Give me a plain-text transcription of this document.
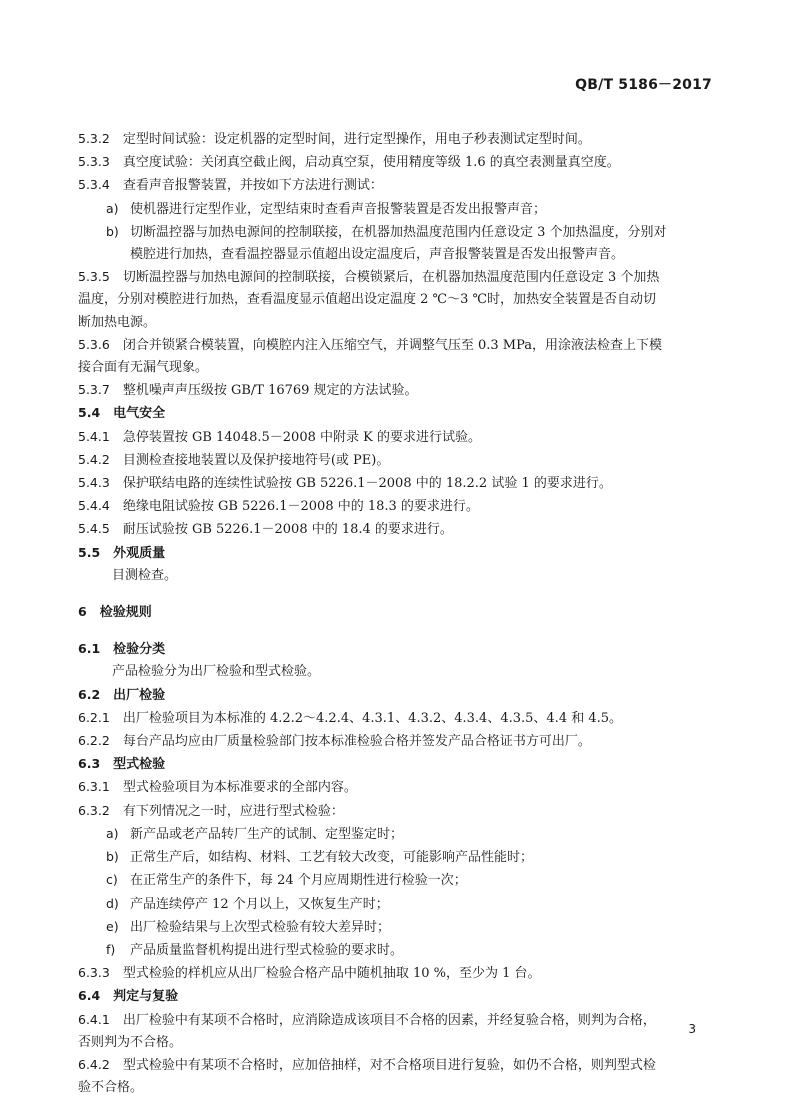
QB/T 5186－2017
5.3.2  定型时间试验：设定机器的定型时间，进行定型操作，用电子秒表测试定型时间。
5.3.3  真空度试验：关闭真空截止阀，启动真空泵，使用精度等级 1.6 的真空表测量真空度。
5.3.4  查看声音报警装置，并按如下方法进行测试：
a) 使机器进行定型作业，定型结束时查看声音报警装置是否发出报警声音；
b) 切断温控器与加热电源间的控制联接，在机器加热温度范围内任意设定 3 个加热温度，分别对
模腔进行加热，查看温控器显示值超出设定温度后，声音报警装置是否发出报警声音。
5.3.5  切断温控器与加热电源间的控制联接，合模锁紧后，在机器加热温度范围内任意设定 3 个加热
温度，分别对模腔进行加热，查看温度显示值超出设定温度 2 ℃～3 ℃时，加热安全装置是否自动切
断加热电源。
5.3.6  闭合并锁紧合模装置，向模腔内注入压缩空气，并调整气压至 0.3 MPa，用涂液法检查上下模
接合面有无漏气现象。
5.3.7  整机噪声声压级按 GB/T 16769 规定的方法试验。
5.4  电气安全
5.4.1  急停装置按 GB 14048.5－2008 中附录 K 的要求进行试验。
5.4.2  目测检查接地装置以及保护接地符号(或 PE)。
5.4.3  保护联结电路的连续性试验按 GB 5226.1－2008 中的 18.2.2 试验 1 的要求进行。
5.4.4  绝缘电阻试验按 GB 5226.1－2008 中的 18.3 的要求进行。
5.4.5  耐压试验按 GB 5226.1－2008 中的 18.4 的要求进行。
5.5  外观质量
目测检查。
6  检验规则
6.1  检验分类
产品检验分为出厂检验和型式检验。
6.2  出厂检验
6.2.1  出厂检验项目为本标准的 4.2.2～4.2.4、4.3.1、4.3.2、4.3.4、4.3.5、4.4 和 4.5。
6.2.2  每台产品均应由厂质量检验部门按本标准检验合格并签发产品合格证书方可出厂。
6.3  型式检验
6.3.1  型式检验项目为本标准要求的全部内容。
6.3.2  有下列情况之一时，应进行型式检验：
a) 新产品或老产品转厂生产的试制、定型鉴定时；
b) 正常生产后，如结构、材料、工艺有较大改变，可能影响产品性能时；
c) 在正常生产的条件下，每 24 个月应周期性进行检验一次；
d) 产品连续停产 12 个月以上，又恢复生产时；
e) 出厂检验结果与上次型式检验有较大差异时；
f) 产品质量监督机构提出进行型式检验的要求时。
6.3.3  型式检验的样机应从出厂检验合格产品中随机抽取 10 %，至少为 1 台。
6.4  判定与复验
6.4.1  出厂检验中有某项不合格时，应消除造成该项目不合格的因素，并经复验合格，则判为合格，
否则判为不合格。
6.4.2  型式检验中有某项不合格时，应加倍抽样，对不合格项目进行复验，如仍不合格，则判型式检
验不合格。
3
